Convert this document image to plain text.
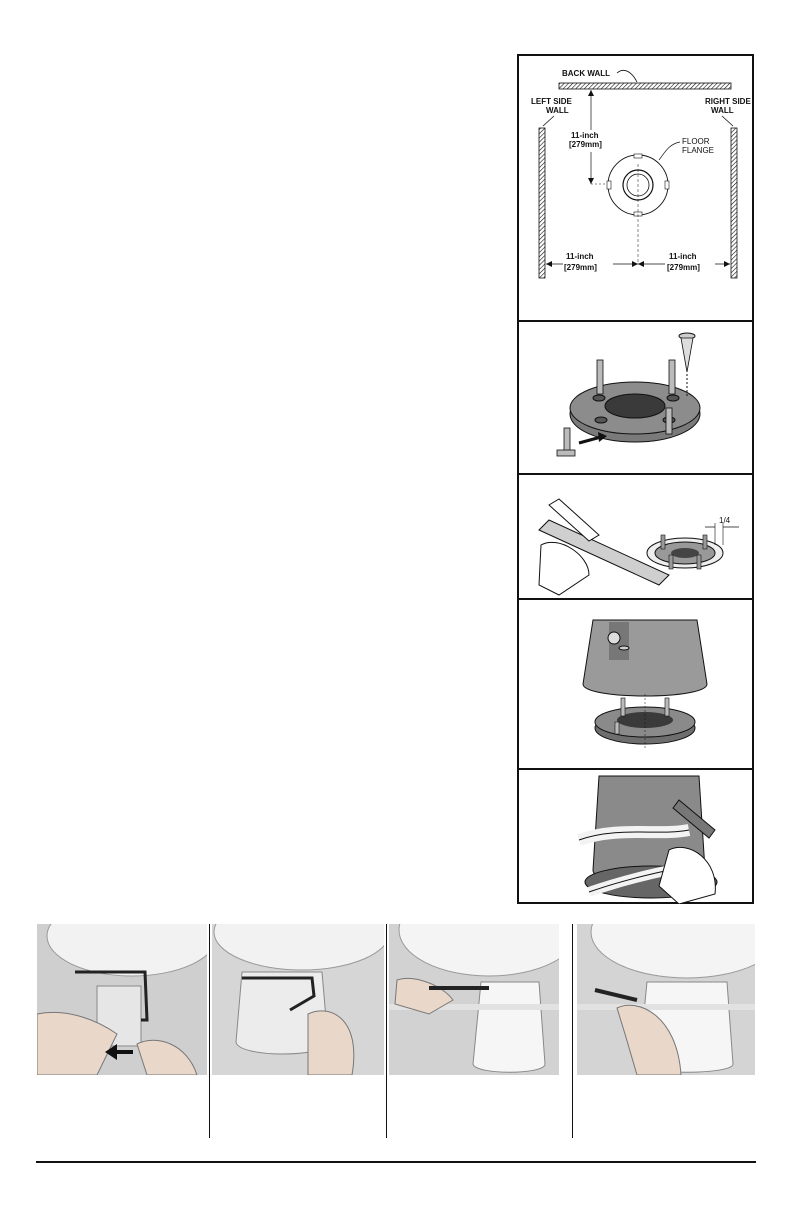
BACK WALL
LEFT SIDE
WALL
RIGHT SIDE
WALL
11-inch
[279mm]	FLOOR
FLANGE
11-inch
[279mm]
11-inch
[279mm]
1/4
